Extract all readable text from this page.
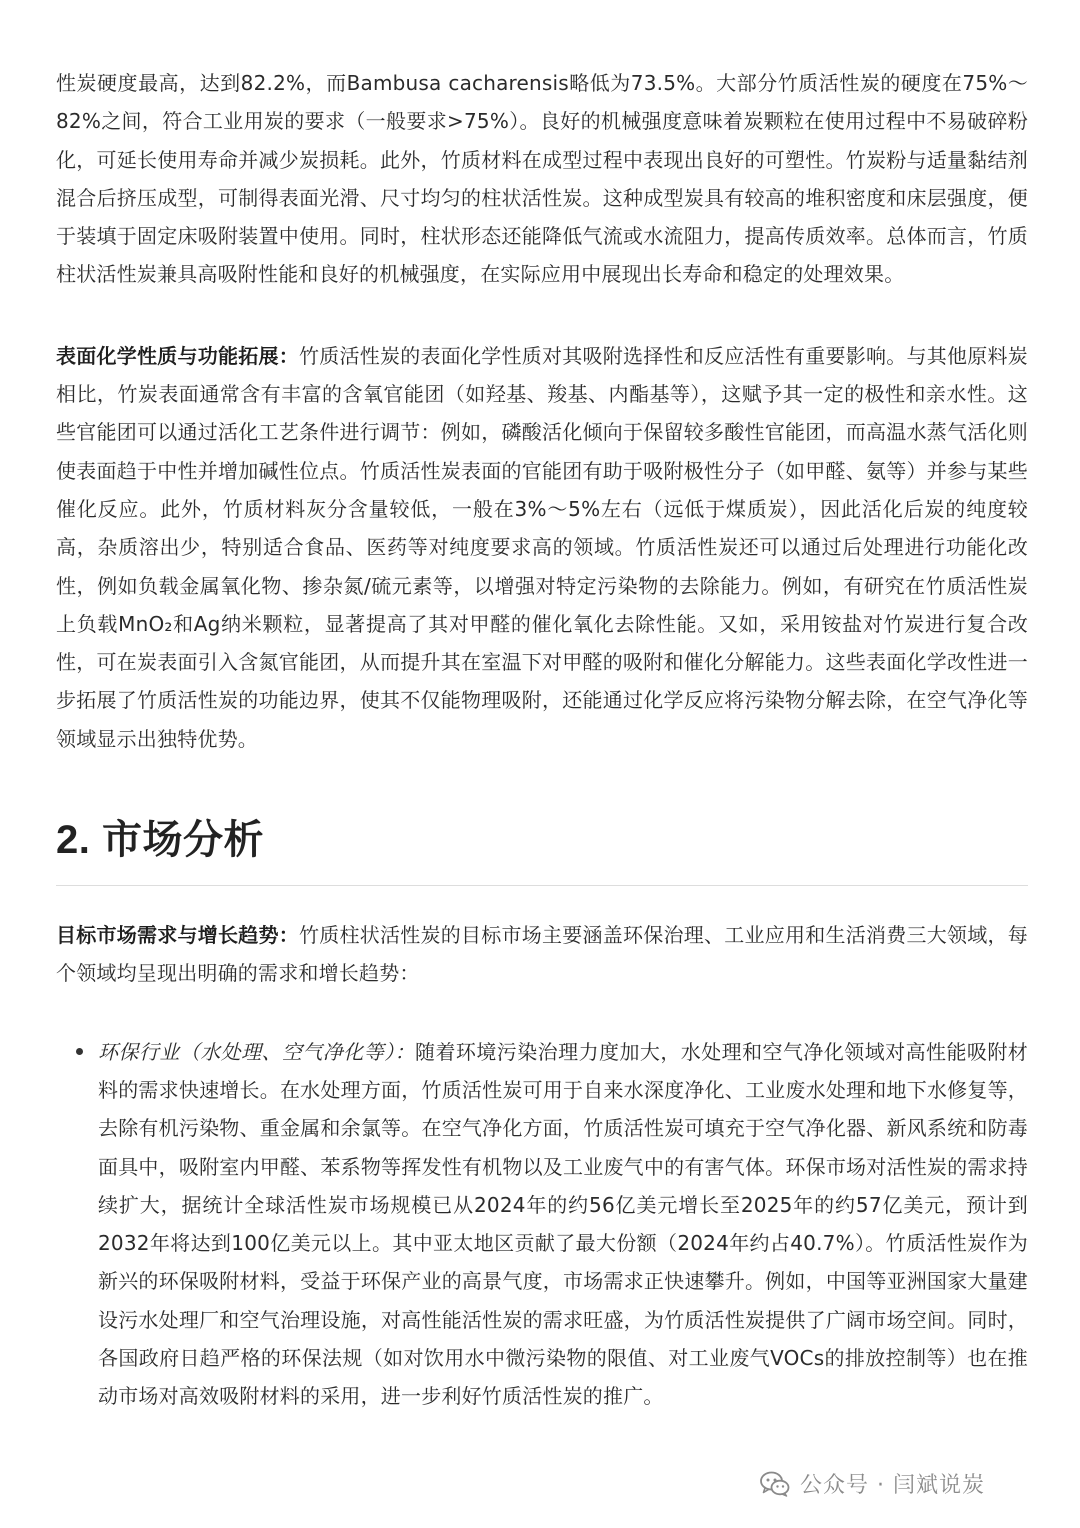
性炭硬度最高，达到82.2%，而Bambusa cacharensis略低为73.5%。大部分竹质活性炭的硬度在75%～82%之间，符合工业用炭的要求（一般要求>75%）。良好的机械强度意味着炭颗粒在使用过程中不易破碎粉化，可延长使用寿命并减少炭损耗。此外，竹质材料在成型过程中表现出良好的可塑性。竹炭粉与适量黏结剂混合后挤压成型，可制得表面光滑、尺寸均匀的柱状活性炭。这种成型炭具有较高的堆积密度和床层强度，便于装填于固定床吸附装置中使用。同时，柱状形态还能降低气流或水流阻力，提高传质效率。总体而言，竹质柱状活性炭兼具高吸附性能和良好的机械强度，在实际应用中展现出长寿命和稳定的处理效果。

表面化学性质与功能拓展：竹质活性炭的表面化学性质对其吸附选择性和反应活性有重要影响。与其他原料炭相比，竹炭表面通常含有丰富的含氧官能团（如羟基、羧基、内酯基等），这赋予其一定的极性和亲水性。这些官能团可以通过活化工艺条件进行调节：例如，磷酸活化倾向于保留较多酸性官能团，而高温水蒸气活化则使表面趋于中性并增加碱性位点。竹质活性炭表面的官能团有助于吸附极性分子（如甲醛、氨等）并参与某些催化反应。此外，竹质材料灰分含量较低，一般在3%～5%左右（远低于煤质炭），因此活化后炭的纯度较高，杂质溶出少，特别适合食品、医药等对纯度要求高的领域。竹质活性炭还可以通过后处理进行功能化改性，例如负载金属氧化物、掺杂氮/硫元素等，以增强对特定污染物的去除能力。例如，有研究在竹质活性炭上负载MnO₂和Ag纳米颗粒，显著提高了其对甲醛的催化氧化去除性能。又如，采用铵盐对竹炭进行复合改性，可在炭表面引入含氮官能团，从而提升其在室温下对甲醛的吸附和催化分解能力。这些表面化学改性进一步拓展了竹质活性炭的功能边界，使其不仅能物理吸附，还能通过化学反应将污染物分解去除，在空气净化等领域显示出独特优势。

2. 市场分析

目标市场需求与增长趋势：竹质柱状活性炭的目标市场主要涵盖环保治理、工业应用和生活消费三大领域，每个领域均呈现出明确的需求和增长趋势：

环保行业（水处理、空气净化等）：随着环境污染治理力度加大，水处理和空气净化领域对高性能吸附材料的需求快速增长。在水处理方面，竹质活性炭可用于自来水深度净化、工业废水处理和地下水修复等，去除有机污染物、重金属和余氯等。在空气净化方面，竹质活性炭可填充于空气净化器、新风系统和防毒面具中，吸附室内甲醛、苯系物等挥发性有机物以及工业废气中的有害气体。环保市场对活性炭的需求持续扩大，据统计全球活性炭市场规模已从2024年的约56亿美元增长至2025年的约57亿美元，预计到2032年将达到100亿美元以上。其中亚太地区贡献了最大份额（2024年约占40.7%）。竹质活性炭作为新兴的环保吸附材料，受益于环保产业的高景气度，市场需求正快速攀升。例如，中国等亚洲国家大量建设污水处理厂和空气治理设施，对高性能活性炭的需求旺盛，为竹质活性炭提供了广阔市场空间。同时，各国政府日趋严格的环保法规（如对饮用水中微污染物的限值、对工业废气VOCs的排放控制等）也在推动市场对高效吸附材料的采用，进一步利好竹质活性炭的推广。

公众号 · 闫斌说炭
